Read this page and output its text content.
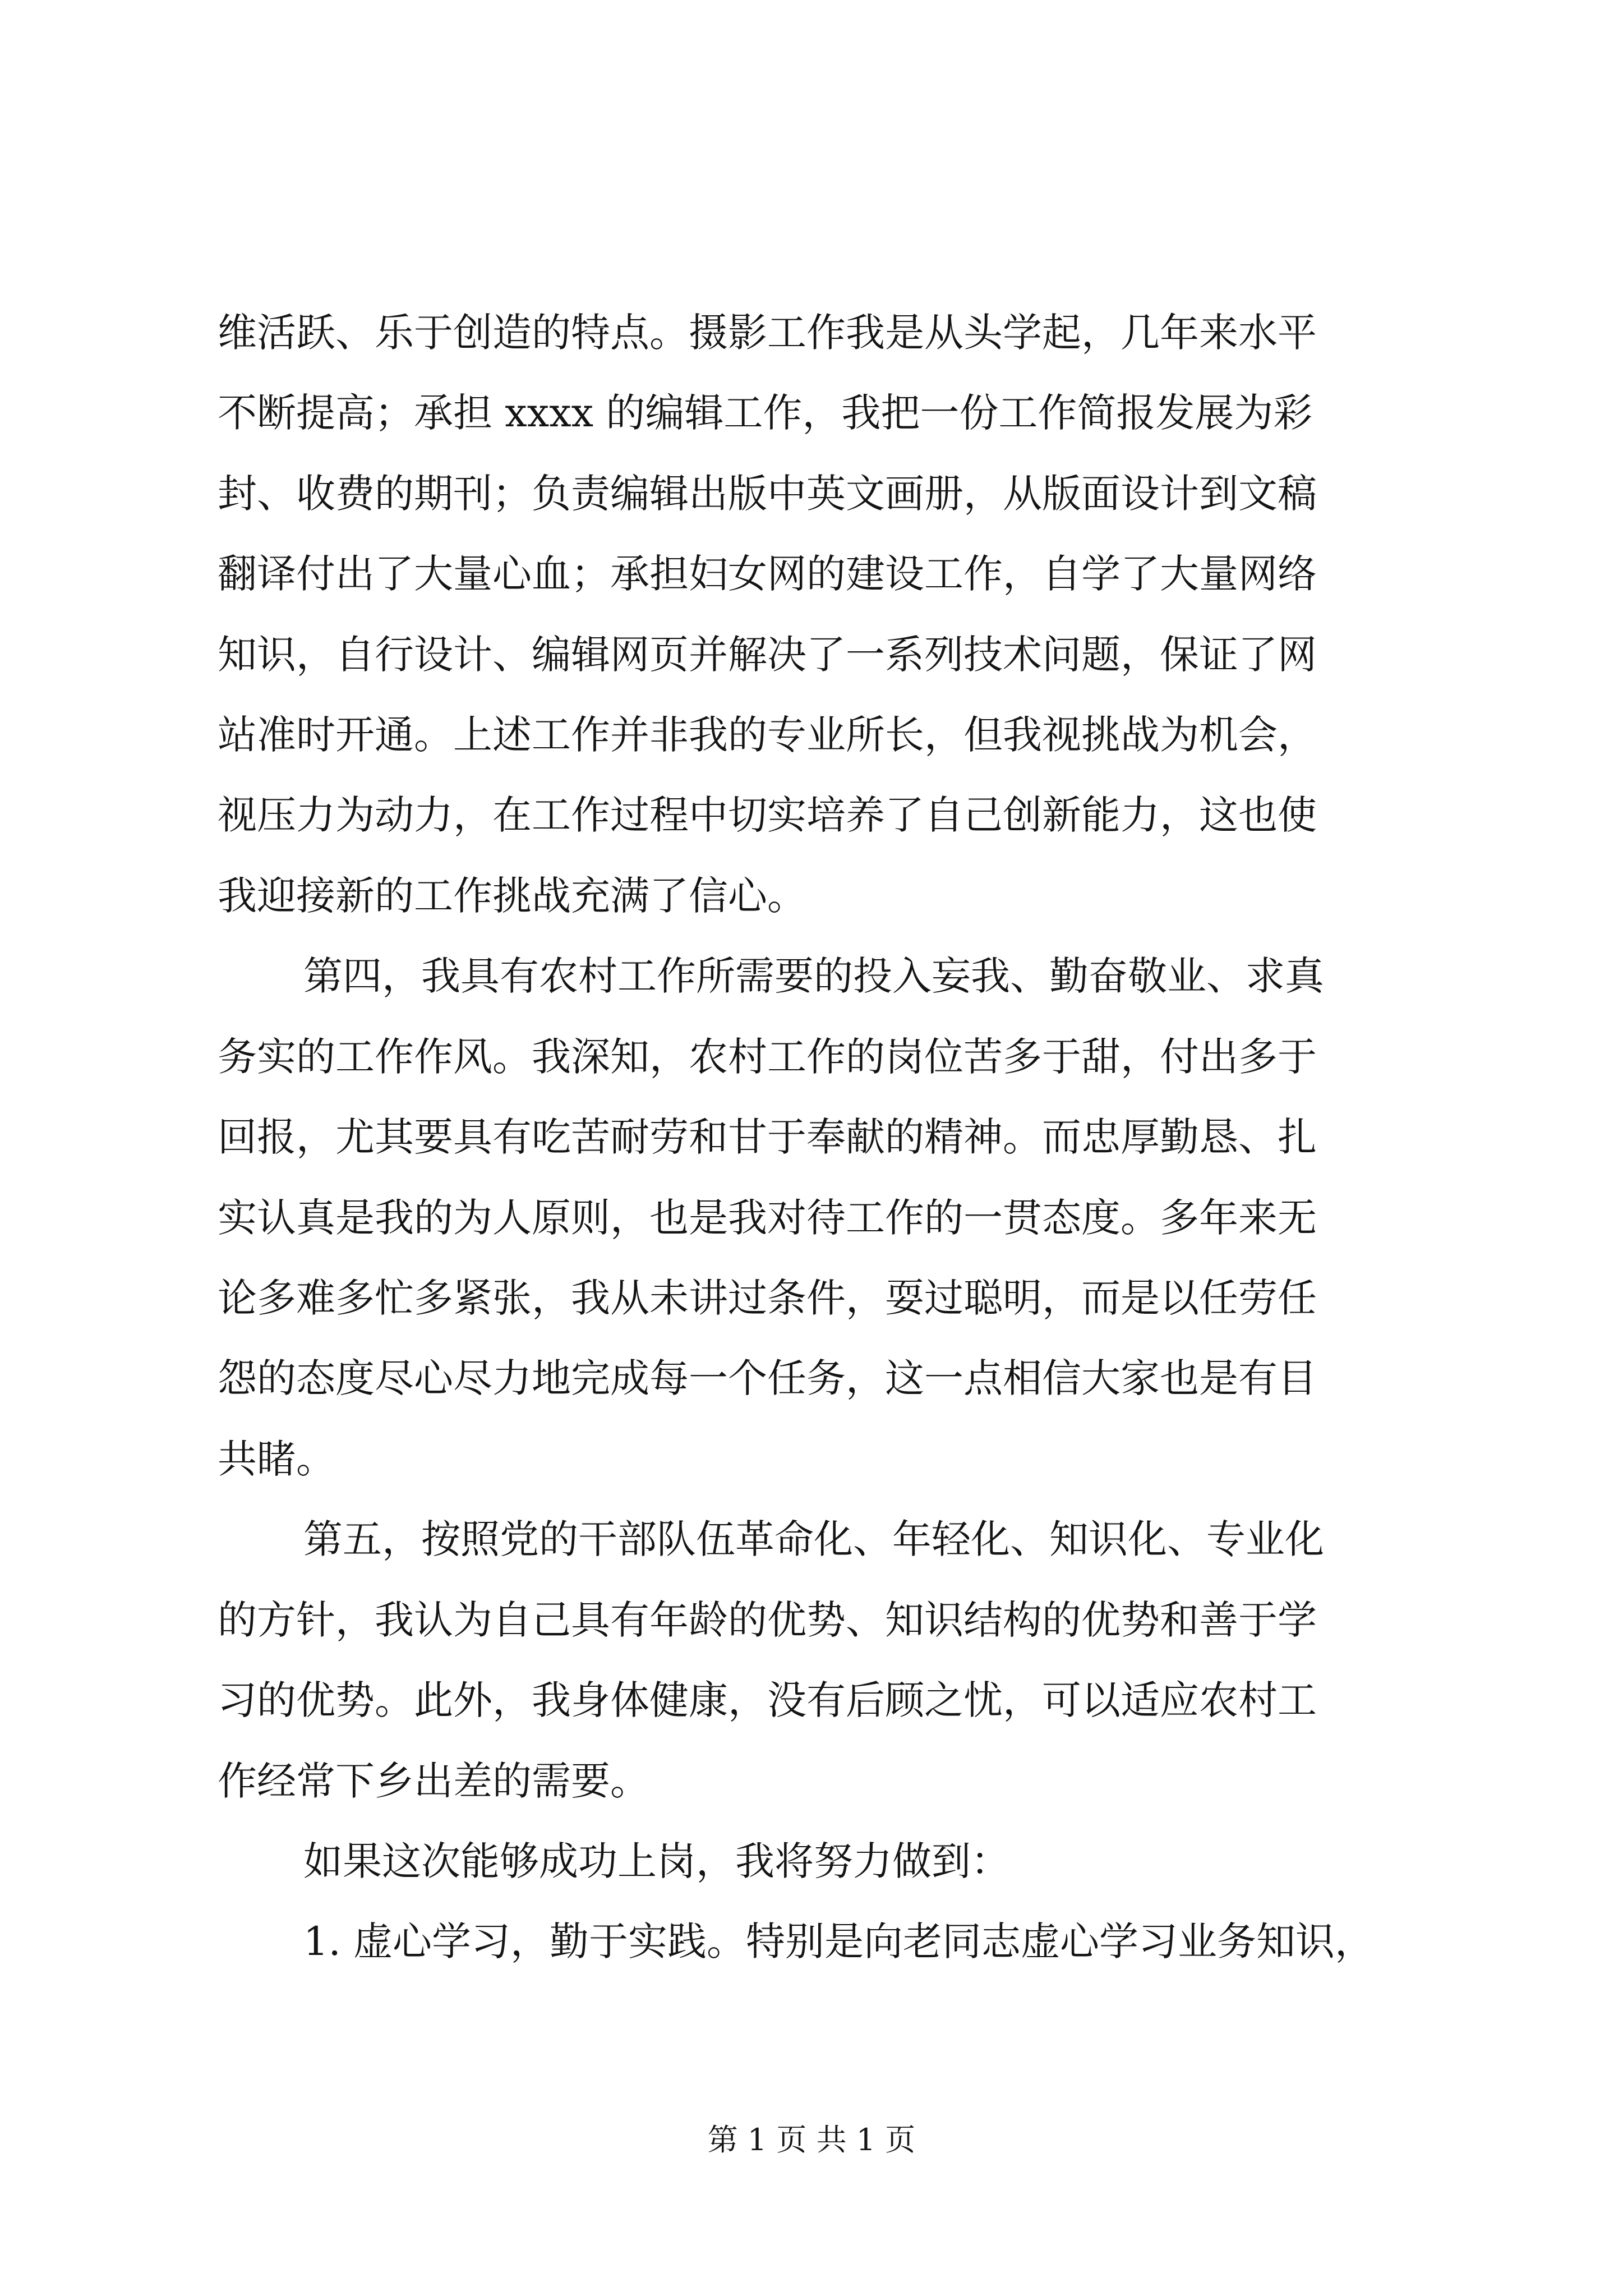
维活跃、乐于创造的特点。摄影工作我是从头学起，几年来水平

不断提高；承担 xxxx 的编辑工作，我把一份工作简报发展为彩

封、收费的期刊；负责编辑出版中英文画册，从版面设计到文稿

翻译付出了大量心血；承担妇女网的建设工作，自学了大量网络

知识，自行设计、编辑网页并解决了一系列技术问题，保证了网

站准时开通。上述工作并非我的专业所长，但我视挑战为机会，

视压力为动力，在工作过程中切实培养了自己创新能力，这也使

我迎接新的工作挑战充满了信心。

第四，我具有农村工作所需要的投入妄我、勤奋敬业、求真

务实的工作作风。我深知，农村工作的岗位苦多于甜，付出多于

回报，尤其要具有吃苦耐劳和甘于奉献的精神。而忠厚勤恳、扎

实认真是我的为人原则，也是我对待工作的一贯态度。多年来无

论多难多忙多紧张，我从未讲过条件，耍过聪明，而是以任劳任

怨的态度尽心尽力地完成每一个任务，这一点相信大家也是有目

共睹。

第五，按照党的干部队伍革命化、年轻化、知识化、专业化

的方针，我认为自己具有年龄的优势、知识结构的优势和善于学

习的优势。此外，我身体健康，没有后顾之忧，可以适应农村工

作经常下乡出差的需要。

如果这次能够成功上岗，我将努力做到：

1. 虚心学习，勤于实践。特别是向老同志虚心学习业务知识，

第 1 页 共 1 页
